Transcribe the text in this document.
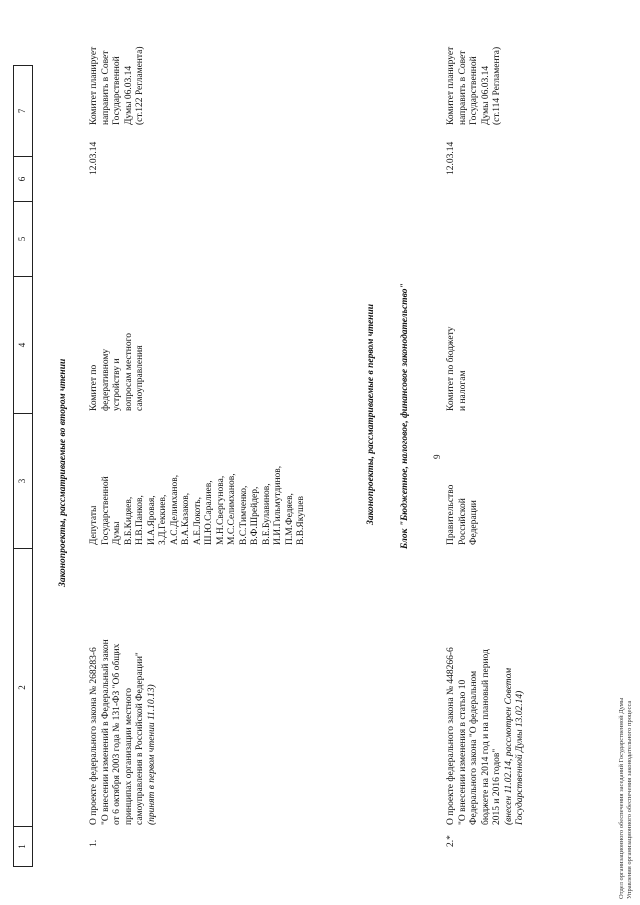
9
1
2
3
4
5
6
7
Законопроекты, рассматриваемые во втором чтении
1.
О проекте федерального закона № 268283-6
"О внесении изменений в Федеральный закон
от 6 октября 2003 года № 131-ФЗ "Об общих
принципах организации местного
самоуправления в Российской Федерации"
(принят в первом чтении 11.10.13)
Депутаты
Государственной
Думы
В.Б.Кидяев,
Н.В.Панков,
И.А.Яровая,
З.Д.Геккиев,
А.С.Делимханов,
В.А.Казаков,
А.Е.Локоть,
Ш.Ю.Саралиев,
М.Н.Свергунова,
М.С.Селимханов,
В.С.Тимченко,
В.Ф.Шрейдер,
В.Е.Булавинов,
И.И.Гильмутдинов,
П.М.Федяев,
В.В.Якушев
Комитет по
федеративному
устройству и
вопросам местного
самоуправления
12.03.14
Комитет планирует
направить в Совет
Государственной
Думы 06.03.14
(ст.122 Регламента)
Законопроекты, рассматриваемые в первом чтении	Блок "Бюджетное, налоговое, финансовое законодательство"
2.*
О проекте федерального закона № 448266-6
"О внесении изменения в статью 10
Федерального закона "О федеральном
бюджете на 2014 год и на плановый период
2015 и 2016 годов"
(внесен 11.02.14, рассмотрен Советом
Государственной Думы 13.02.14)
Правительство
Российской
Федерации
Комитет по бюджету
и налогам
12.03.14
Комитет планирует
направить в Совет
Государственной
Думы 06.03.14
(ст.114 Регламента)
Отдел организационного обеспечения заседаний Государственной Думы
Управления организационного обеспечения законодательного процесса
